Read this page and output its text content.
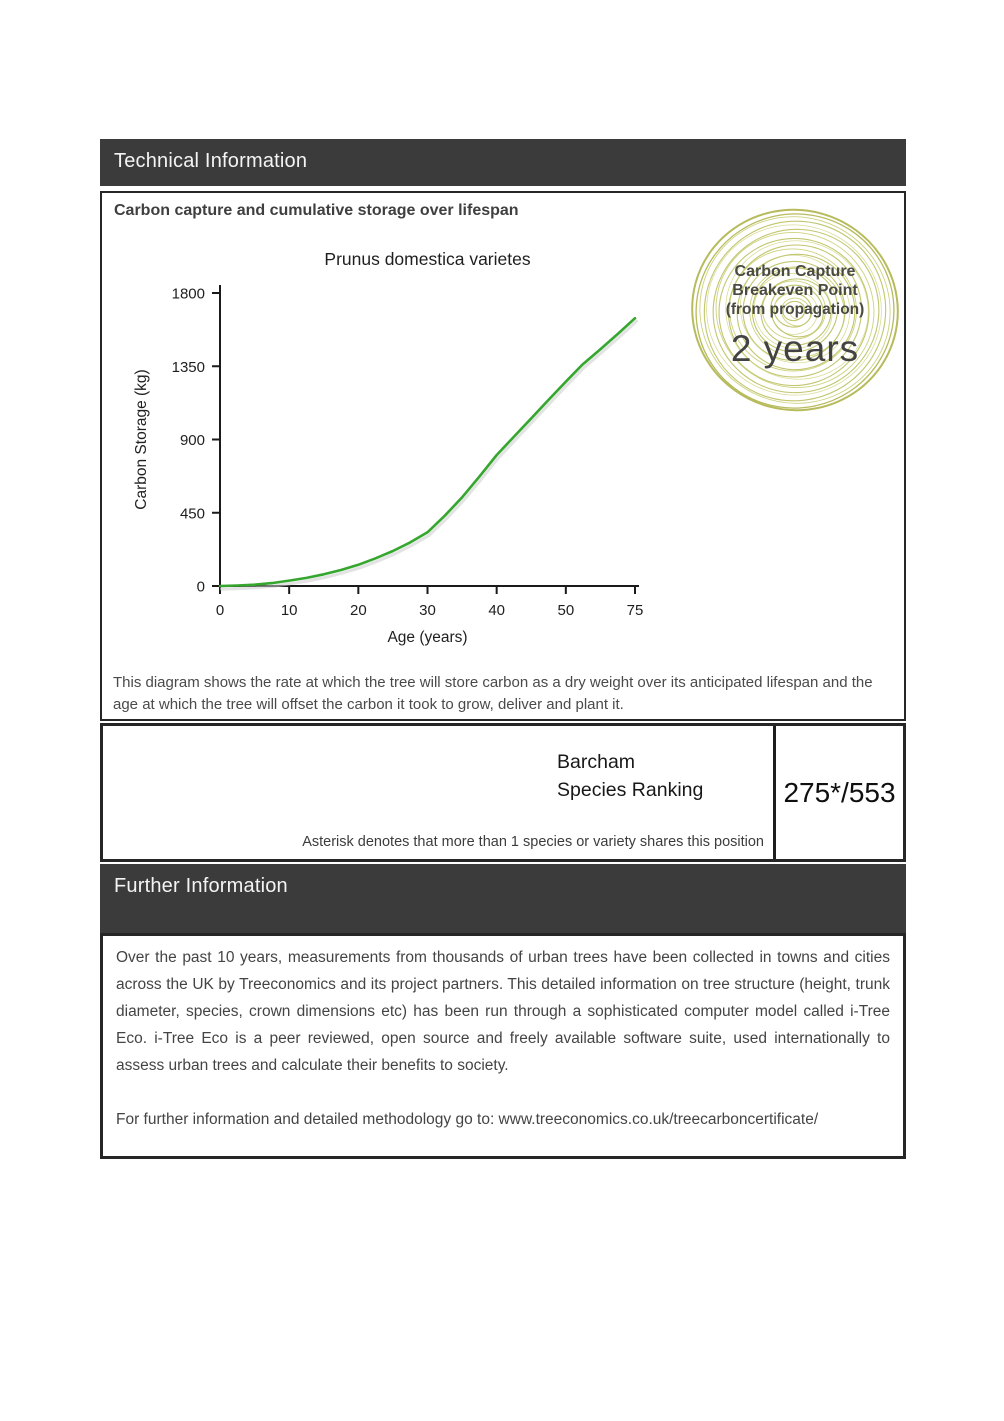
Technical Information
Carbon capture and cumulative storage over lifespan
Prunus domestica varietes
0
450
900
1350
1800
0	10	20	30	40	50	75
Age (years)
Carbon Storage (kg)
Carbon Capture
Breakeven Point
(from propagation)
2 years
This diagram shows the rate at which the tree will store carbon as a dry weight over its anticipated lifespan and the age at which the tree will offset the carbon it took to grow, deliver and plant it.
Barcham
Species Ranking
Asterisk denotes that more than 1 species or variety shares this position
275*/553
Further Information

Over the past 10 years, measurements from thousands of urban trees have been collected in towns and cities across the UK by Treeconomics and its project partners. This detailed information on tree structure (height, trunk diameter, species, crown dimensions etc) has been run through a sophisticated computer model called i-Tree Eco. i-Tree Eco is a peer reviewed, open source and freely available software suite, used internationally to assess urban trees and calculate their benefits to society.

For further information and detailed methodology go to: www.treeconomics.co.uk/treecarboncertificate/
